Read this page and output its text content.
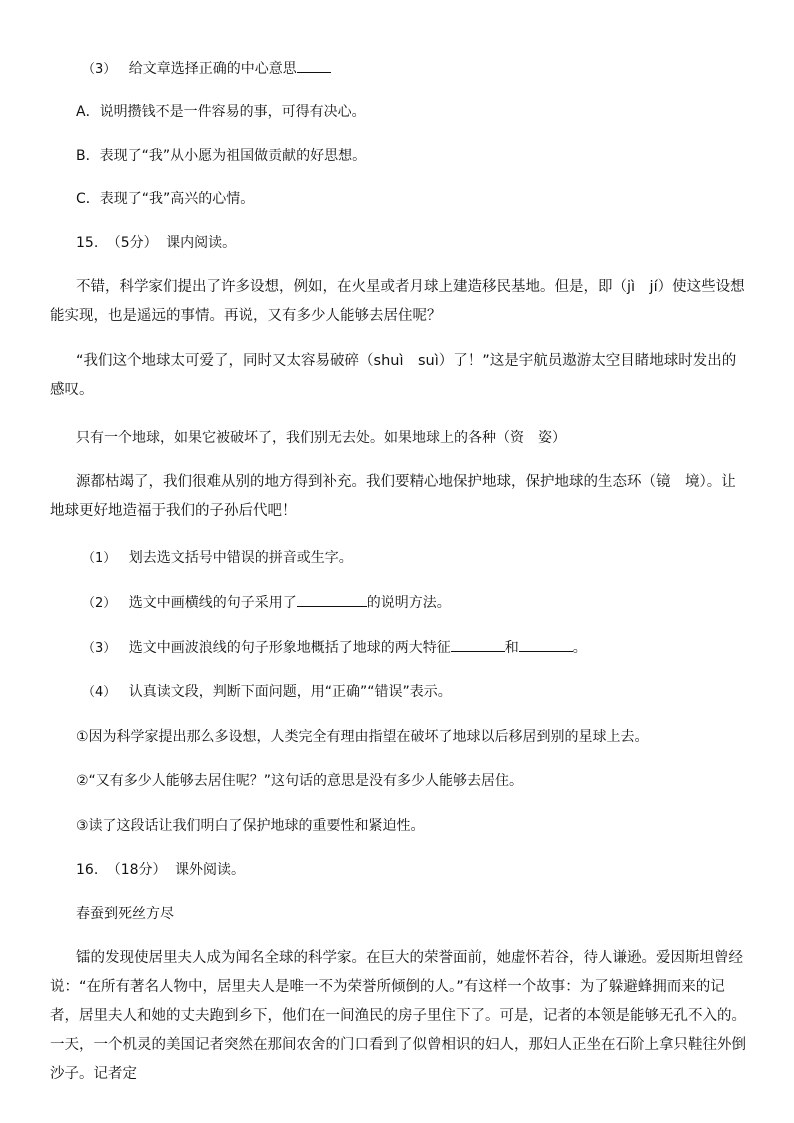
（3） 给文章选择正确的中心意思
A．说明攒钱不是一件容易的事，可得有决心。
B．表现了“我”从小愿为祖国做贡献的好思想。
C．表现了“我”高兴的心情。
15. （5分） 课内阅读。
不错，科学家们提出了许多设想，例如，在火星或者月球上建造移民基地。但是，即（jì　jí）使这些设想能实现，也是遥远的事情。再说，又有多少人能够去居住呢？
“我们这个地球太可爱了，同时又太容易破碎（shuì　suì）了！”这是宇航员遨游太空目睹地球时发出的感叹。
只有一个地球，如果它被破坏了，我们别无去处。如果地球上的各种（资　姿）
源都枯竭了，我们很难从别的地方得到补充。我们要精心地保护地球，保护地球的生态环（镜　境）。让地球更好地造福于我们的子孙后代吧！
（1） 划去选文括号中错误的拼音或生字。
（2） 选文中画横线的句子采用了	的说明方法。
（3） 选文中画波浪线的句子形象地概括了地球的两大特征	和	。
（4） 认真读文段，判断下面问题，用“正确”“错误”表示。
①因为科学家提出那么多设想，人类完全有理由指望在破坏了地球以后移居到别的星球上去。
②“又有多少人能够去居住呢？”这句话的意思是没有多少人能够去居住。
③读了这段话让我们明白了保护地球的重要性和紧迫性。
16. （18分） 课外阅读。
春蚕到死丝方尽
镭的发现使居里夫人成为闻名全球的科学家。在巨大的荣誉面前，她虚怀若谷，待人谦逊。爱因斯坦曾经说：“在所有著名人物中，居里夫人是唯一不为荣誉所倾倒的人。”有这样一个故事：为了躲避蜂拥而来的记者，居里夫人和她的丈夫跑到乡下，他们在一间渔民的房子里住下了。可是，记者的本领是能够无孔不入的。一天，一个机灵的美国记者突然在那间农舍的门口看到了似曾相识的妇人，那妇人正坐在石阶上拿只鞋往外倒沙子。记者定
